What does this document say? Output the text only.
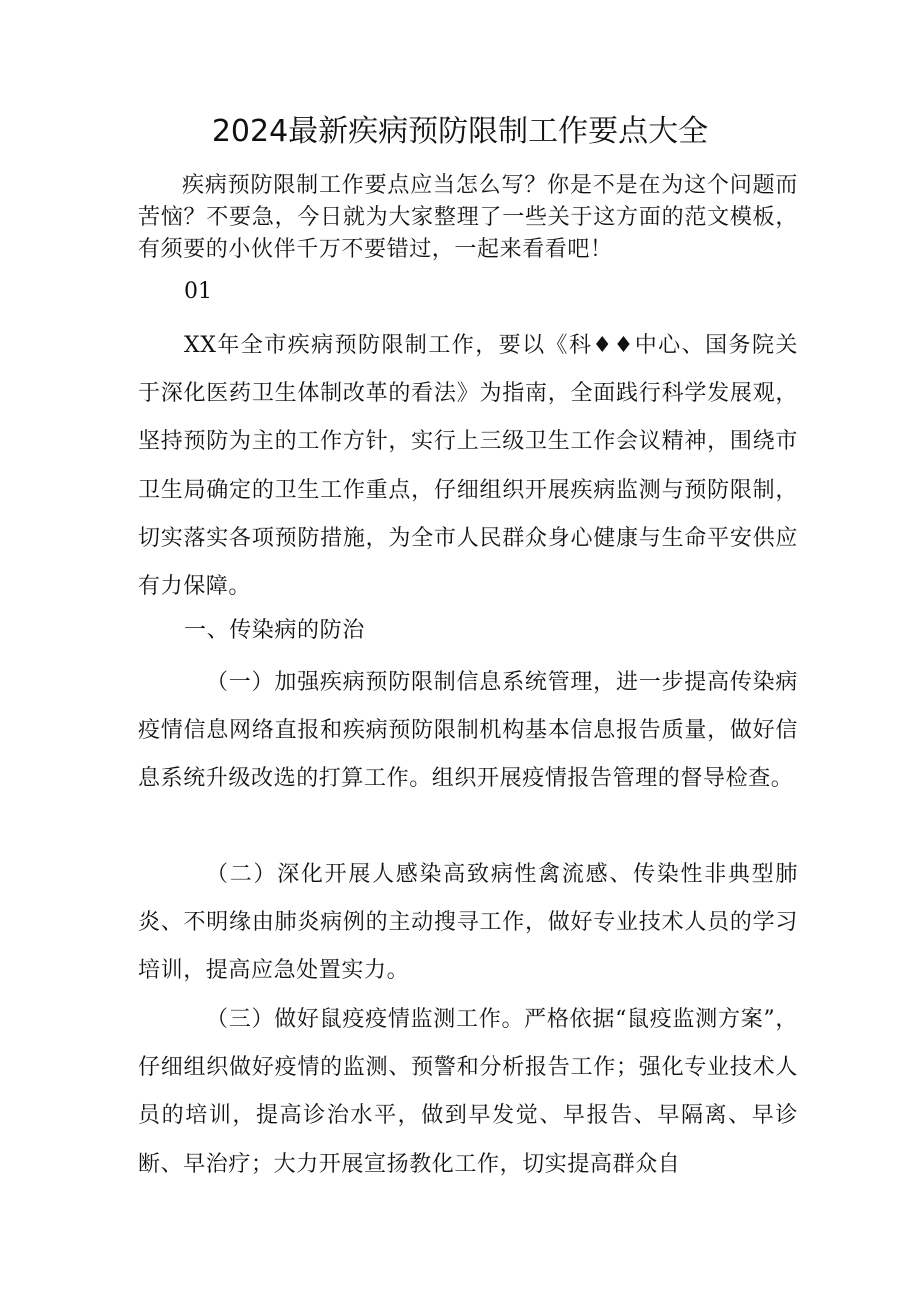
2024最新疾病预防限制工作要点大全

疾病预防限制工作要点应当怎么写？你是不是在为这个问题而苦恼？不要急，今日就为大家整理了一些关于这方面的范文模板，有须要的小伙伴千万不要错过，一起来看看吧！

01

XX年全市疾病预防限制工作，要以《科♦♦中心、国务院关于深化医药卫生体制改革的看法》为指南，全面践行科学发展观，坚持预防为主的工作方针，实行上三级卫生工作会议精神，围绕市卫生局确定的卫生工作重点，仔细组织开展疾病监测与预防限制，切实落实各项预防措施，为全市人民群众身心健康与生命平安供应有力保障。

一、传染病的防治

（一）加强疾病预防限制信息系统管理，进一步提高传染病疫情信息网络直报和疾病预防限制机构基本信息报告质量，做好信息系统升级改选的打算工作。组织开展疫情报告管理的督导检查。

（二）深化开展人感染高致病性禽流感、传染性非典型肺炎、不明缘由肺炎病例的主动搜寻工作，做好专业技术人员的学习培训，提高应急处置实力。

（三）做好鼠疫疫情监测工作。严格依据“鼠疫监测方案”，仔细组织做好疫情的监测、预警和分析报告工作；强化专业技术人员的培训，提高诊治水平，做到早发觉、早报告、早隔离、早诊断、早治疗；大力开展宣扬教化工作，切实提高群众自
